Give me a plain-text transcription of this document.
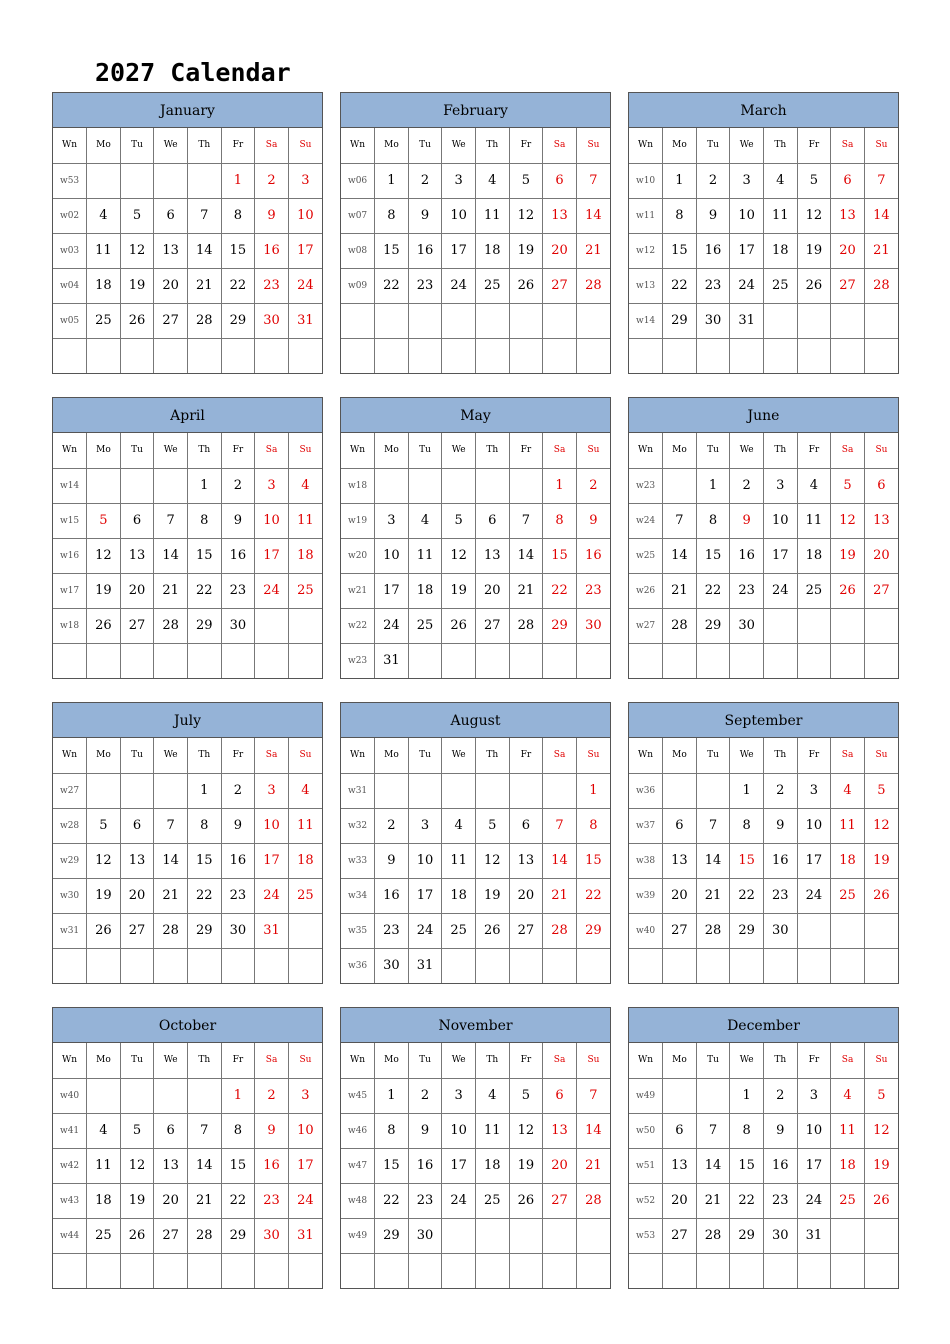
2027 Calendar
January
Wn	Mo	Tu	We	Th	Fr	Sa	Su
w53					1	2	3
w02	4	5	6	7	8	9	10
w03	11	12	13	14	15	16	17
w04	18	19	20	21	22	23	24
w05	25	26	27	28	29	30	31

February
Wn	Mo	Tu	We	Th	Fr	Sa	Su
w06	1	2	3	4	5	6	7
w07	8	9	10	11	12	13	14
w08	15	16	17	18	19	20	21
w09	22	23	24	25	26	27	28

March
Wn	Mo	Tu	We	Th	Fr	Sa	Su
w10	1	2	3	4	5	6	7
w11	8	9	10	11	12	13	14
w12	15	16	17	18	19	20	21
w13	22	23	24	25	26	27	28
w14	29	30	31				

April
Wn	Mo	Tu	We	Th	Fr	Sa	Su
w14				1	2	3	4
w15	5	6	7	8	9	10	11
w16	12	13	14	15	16	17	18
w17	19	20	21	22	23	24	25
w18	26	27	28	29	30		

May
Wn	Mo	Tu	We	Th	Fr	Sa	Su
w18						1	2
w19	3	4	5	6	7	8	9
w20	10	11	12	13	14	15	16
w21	17	18	19	20	21	22	23
w22	24	25	26	27	28	29	30
w23	31						
June
Wn	Mo	Tu	We	Th	Fr	Sa	Su
w23		1	2	3	4	5	6
w24	7	8	9	10	11	12	13
w25	14	15	16	17	18	19	20
w26	21	22	23	24	25	26	27
w27	28	29	30				

July
Wn	Mo	Tu	We	Th	Fr	Sa	Su
w27				1	2	3	4
w28	5	6	7	8	9	10	11
w29	12	13	14	15	16	17	18
w30	19	20	21	22	23	24	25
w31	26	27	28	29	30	31	

August
Wn	Mo	Tu	We	Th	Fr	Sa	Su
w31							1
w32	2	3	4	5	6	7	8
w33	9	10	11	12	13	14	15
w34	16	17	18	19	20	21	22
w35	23	24	25	26	27	28	29
w36	30	31					
September
Wn	Mo	Tu	We	Th	Fr	Sa	Su
w36			1	2	3	4	5
w37	6	7	8	9	10	11	12
w38	13	14	15	16	17	18	19
w39	20	21	22	23	24	25	26
w40	27	28	29	30			

October
Wn	Mo	Tu	We	Th	Fr	Sa	Su
w40					1	2	3
w41	4	5	6	7	8	9	10
w42	11	12	13	14	15	16	17
w43	18	19	20	21	22	23	24
w44	25	26	27	28	29	30	31

November
Wn	Mo	Tu	We	Th	Fr	Sa	Su
w45	1	2	3	4	5	6	7
w46	8	9	10	11	12	13	14
w47	15	16	17	18	19	20	21
w48	22	23	24	25	26	27	28
w49	29	30					

December
Wn	Mo	Tu	We	Th	Fr	Sa	Su
w49			1	2	3	4	5
w50	6	7	8	9	10	11	12
w51	13	14	15	16	17	18	19
w52	20	21	22	23	24	25	26
w53	27	28	29	30	31		
